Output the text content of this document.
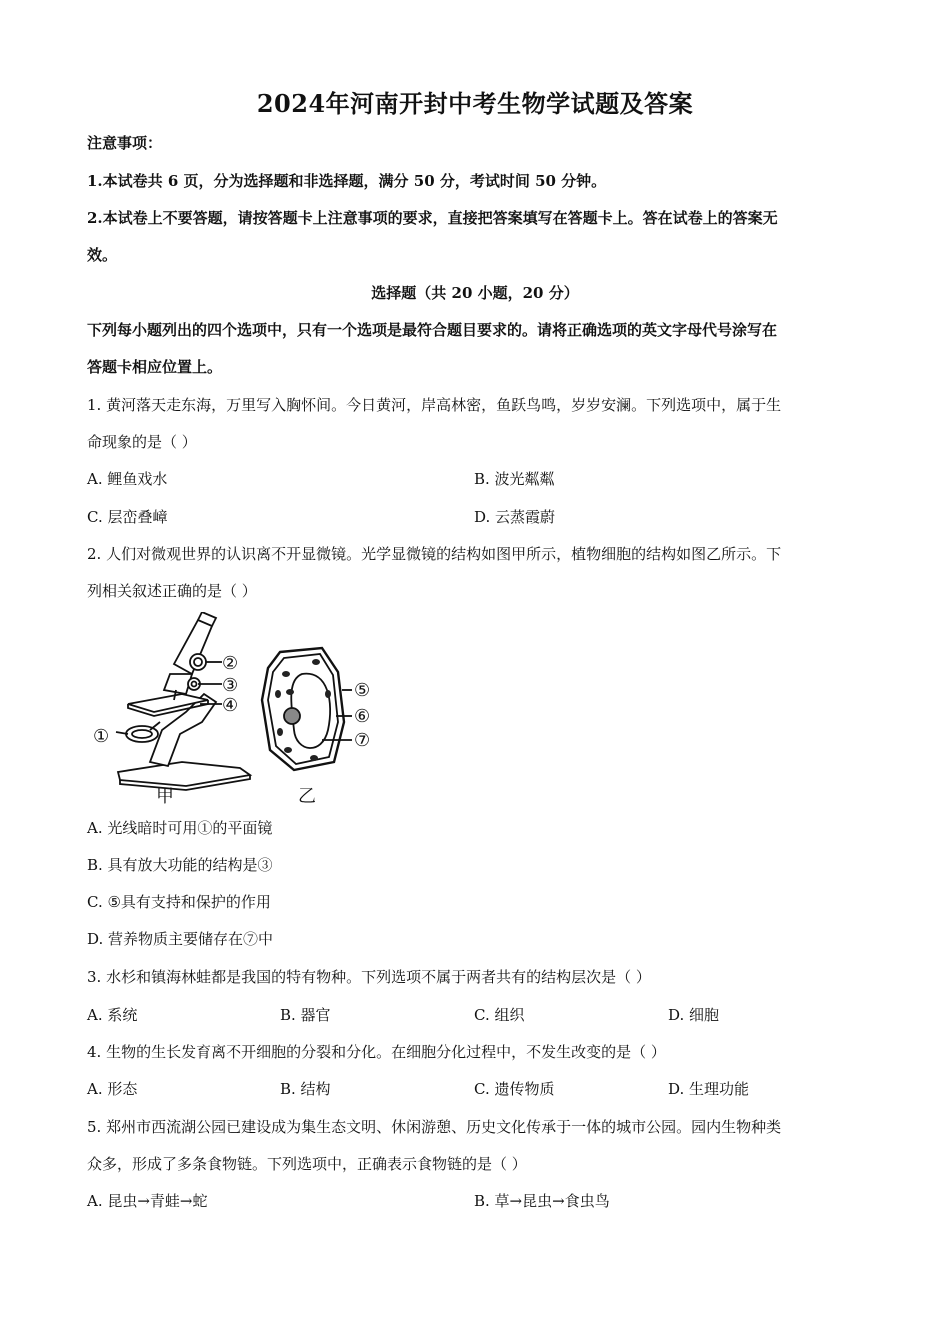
2024年河南开封中考生物学试题及答案
注意事项：
1.本试卷共 6 页，分为选择题和非选择题，满分 50 分，考试时间 50 分钟。
2.本试卷上不要答题，请按答题卡上注意事项的要求，直接把答案填写在答题卡上。答在试卷上的答案无
效。
选择题（共 20 小题，20 分）
下列每小题列出的四个选项中，只有一个选项是最符合题目要求的。请将正确选项的英文字母代号涂写在
答题卡相应位置上。
1. 黄河落天走东海，万里写入胸怀间。今日黄河，岸高林密，鱼跃鸟鸣，岁岁安澜。下列选项中，属于生
命现象的是（ ）
A. 鲤鱼戏水	B. 波光粼粼
C. 层峦叠嶂	D. 云蒸霞蔚
2. 人们对微观世界的认识离不开显微镜。光学显微镜的结构如图甲所示，植物细胞的结构如图乙所示。下
列相关叙述正确的是（ ）
①
②
③
④
⑤
⑥
⑦
甲	乙
A. 光线暗时可用①的平面镜
B. 具有放大功能的结构是③
C. ⑤具有支持和保护的作用
D. 营养物质主要储存在⑦中
3. 水杉和镇海林蛙都是我国的特有物种。下列选项不属于两者共有的结构层次是（ ）
A. 系统	B. 器官	C. 组织	D. 细胞
4. 生物的生长发育离不开细胞的分裂和分化。在细胞分化过程中，不发生改变的是（ ）
A. 形态	B. 结构	C. 遗传物质	D. 生理功能
5. 郑州市西流湖公园已建设成为集生态文明、休闲游憩、历史文化传承于一体的城市公园。园内生物种类
众多，形成了多条食物链。下列选项中，正确表示食物链的是（ ）
A. 昆虫→青蛙→蛇	B. 草→昆虫→食虫鸟
